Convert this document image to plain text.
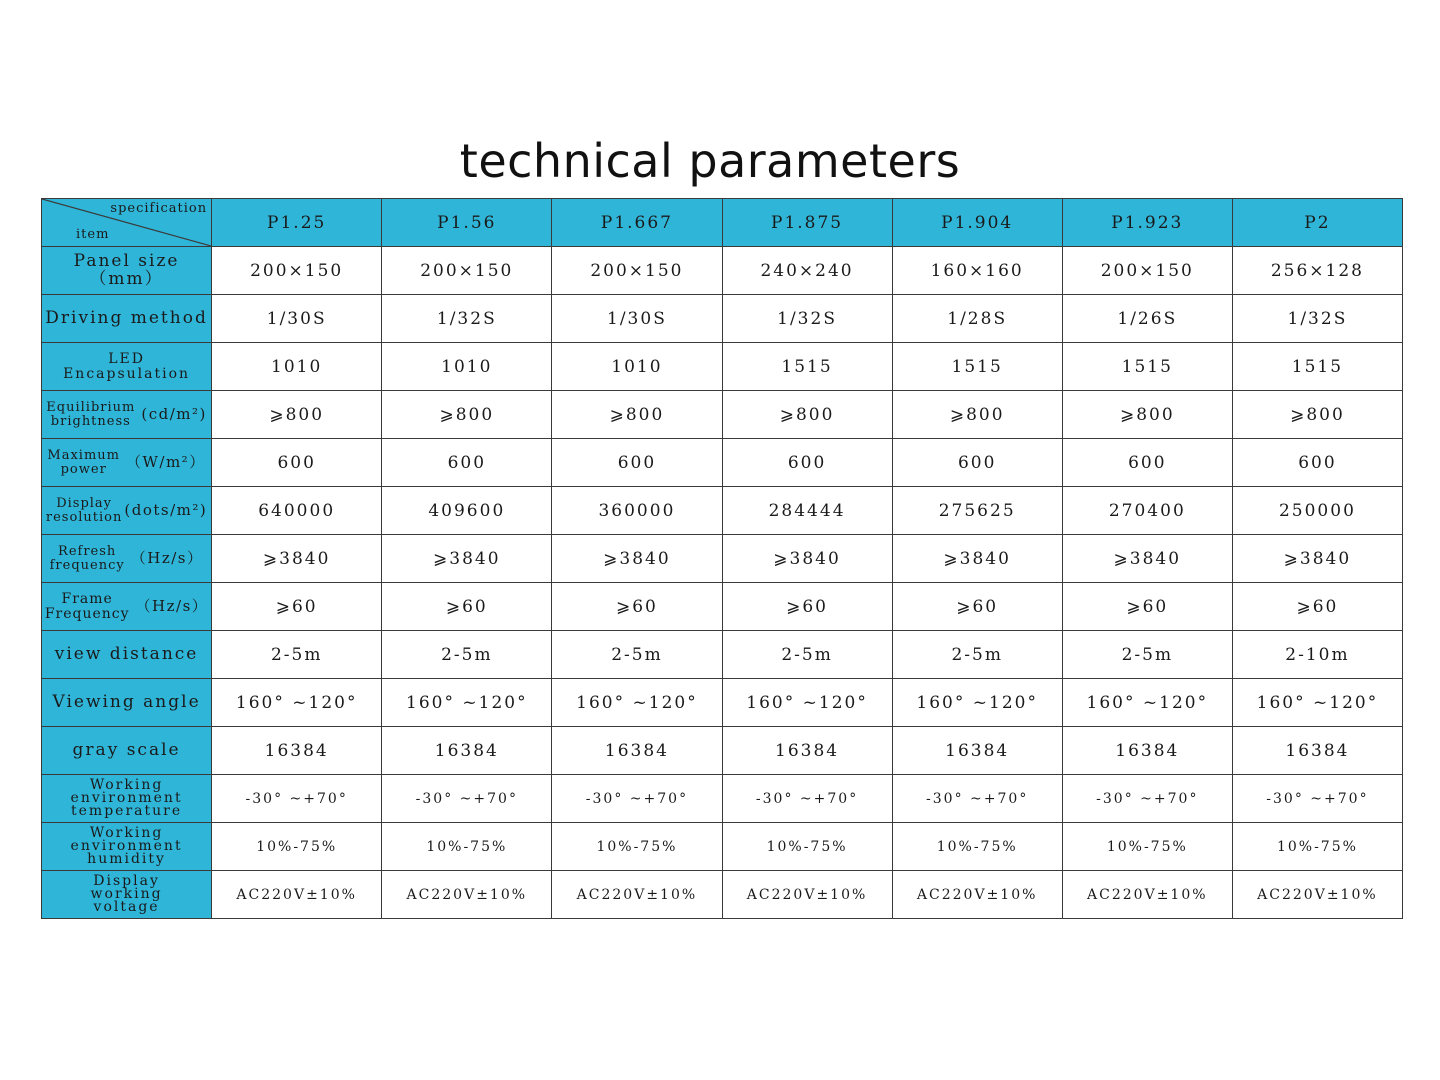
technical parameters
specification
item	P1.25	P1.56	P1.667	P1.875	P1.904	P1.923	P2
Panel size（mm）	200×150	200×150	200×150	240×240	160×160	200×150	256×128
Driving method	1/30S	1/32S	1/30S	1/32S	1/28S	1/26S	1/32S
LED Encapsulation	1010	1010	1010	1515	1515	1515	1515

Equilibrium
brightness (cd/m²)	⩾800	⩾800	⩾800	⩾800	⩾800	⩾800	⩾800

Maximum
power （W/m²）	600	600	600	600	600	600	600

Display
resolution (dots/m²)	640000	409600	360000	284444	275625	270400	250000

Refresh
frequency （Hz/s）	⩾3840	⩾3840	⩾3840	⩾3840	⩾3840	⩾3840	⩾3840

Frame
Frequency （Hz/s）	⩾60	⩾60	⩾60	⩾60	⩾60	⩾60	⩾60
view distance	2-5m	2-5m	2-5m	2-5m	2-5m	2-5m	2-10m
Viewing angle	160° ~120°	160° ~120°	160° ~120°	160° ~120°	160° ~120°	160° ~120°	160° ~120°
gray scale	16384	16384	16384	16384	16384	16384	16384

Working
environment
temperature	-30° ~+70°	-30° ~+70°	-30° ~+70°	-30° ~+70°	-30° ~+70°	-30° ~+70°	-30° ~+70°

Working
environment
humidity	10%-75%	10%-75%	10%-75%	10%-75%	10%-75%	10%-75%	10%-75%

Display
working
voltage	AC220V±10%	AC220V±10%	AC220V±10%	AC220V±10%	AC220V±10%	AC220V±10%	AC220V±10%
